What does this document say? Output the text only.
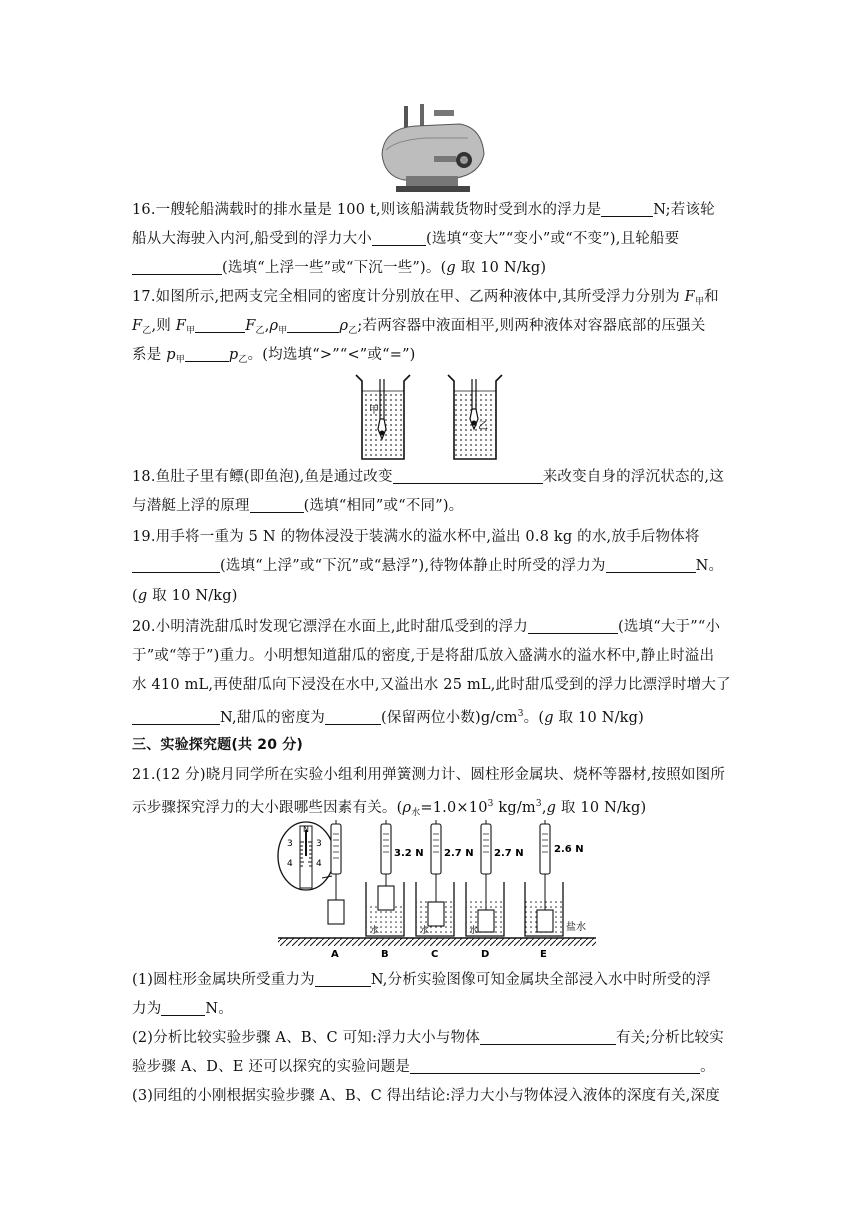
16.一艘轮船满载时的排水量是 100 t,则该船满载货物时受到水的浮力是	N;若该轮
船从大海驶入内河,船受到的浮力大小	(选填“变大”“变小”或“不变”),且轮船要
(选填“上浮一些”或“下沉一些”)。(g 取 10 N/kg)
17.如图所示,把两支完全相同的密度计分别放在甲、乙两种液体中,其所受浮力分别为 $F_甲$和
$F_乙$,则 $F_甲$	$F_乙,\rho_甲$	$\rho_乙$;若两容器中液面相平,则两种液体对容器底部的压强关
系是 $p_甲$	$p_乙$。(均选填“>”“<”或“=”)
甲
乙
18.鱼肚子里有鳔(即鱼泡),鱼是通过改变	来改变自身的浮沉状态的,这
与潜艇上浮的原理	(选填“相同”或“不同”)。
19.用手将一重为 5 N 的物体浸没于装满水的溢水杯中,溢出 0.8 kg 的水,放手后物体将
(选填“上浮”或“下沉”或“悬浮”),待物体静止时所受的浮力为	N。
(g 取 10 N/kg)
20.小明清洗甜瓜时发现它漂浮在水面上,此时甜瓜受到的浮力	(选填“大于”“小
于”或“等于”)重力。小明想知道甜瓜的密度,于是将甜瓜放入盛满水的溢水杯中,静止时溢出
水 410 mL,再使甜瓜向下浸没在水中,又溢出水 25 mL,此时甜瓜受到的浮力比漂浮时增大了
N,甜瓜的密度为	(保留两位小数)$g/cm^3$。(g 取 10 N/kg)
三、实验探究题(共 20 分)
21.(12 分)晓月同学所在实验小组利用弹簧测力计、圆柱形金属块、烧杯等器材,按照如图所
示步骤探究浮力的大小跟哪些因素有关。($\rho_水=1.0\times 10^3$ $kg/m^3,g$ 取 10 N/kg)
N
3	3
4	4
A
3.2 N
水
B
2.7 N
水
C
2.7 N
水
D
2.6 N
盐水
E
(1)圆柱形金属块所受重力为	N,分析实验图像可知金属块全部浸入水中时所受的浮
力为	N。
(2)分析比较实验步骤 A、B、C 可知:浮力大小与物体	有关;分析比较实
验步骤 A、D、E 还可以探究的实验问题是	。
(3)同组的小刚根据实验步骤 A、B、C 得出结论:浮力大小与物体浸入液体的深度有关,深度
